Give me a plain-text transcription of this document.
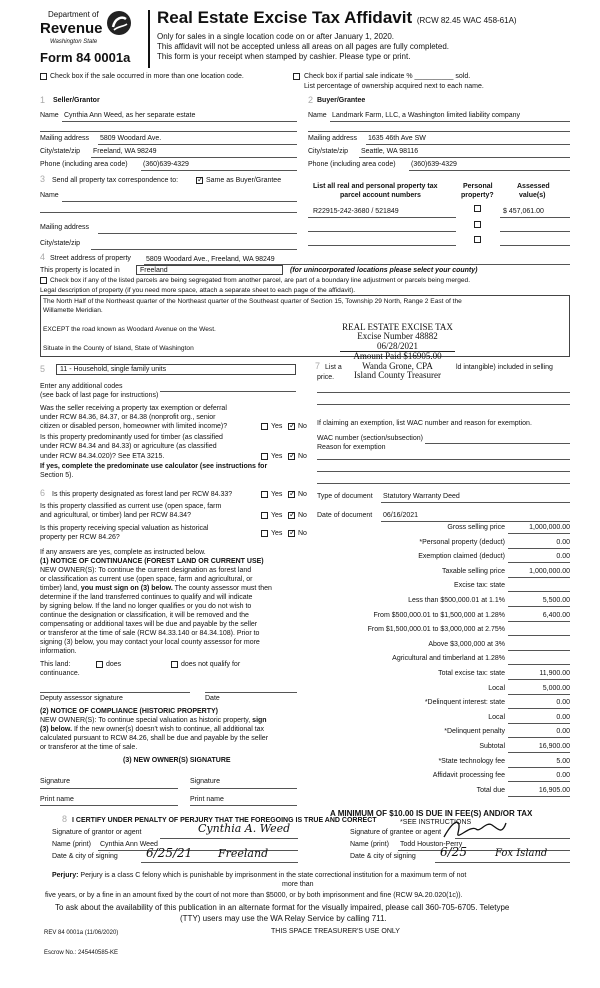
Department of
Revenue
Washington State
Form 84 0001a
Real Estate Excise Tax Affidavit (RCW 82.45 WAC 458-61A)
Only for sales in a single location code on or after January 1, 2020.
This affidavit will not be accepted unless all areas on all pages are fully completed.
This form is your receipt when stamped by cashier. Please type or print.
Check box if the sale occurred in more than one location code.	Check box if partial sale indicate % __________ sold.
List percentage of ownership acquired next to each name.
1 Seller/Grantor
Name Cynthia Ann Weed, as her separate estate
Mailing address 5809 Woodard Ave.
City/state/zip Freeland, WA 98249
Phone (including area code) (360)639-4329
2 Buyer/Grantee
Name Landmark Farm, LLC, a Washington limited liability company
Mailing address 1635 46th Ave SW
City/state/zip Seattle, WA 98116
Phone (including area code) (360)639-4329
3 Send all property tax correspondence to: ✓	Same as Buyer/Grantee
Name
Mailing address
City/state/zip
List all real and personal property tax
parcel account numbers
Personal
property?
Assessed
value(s)
R22915-242-3680 / 521849	$ 457,061.00
4 Street address of property 5809 Woodard Ave., Freeland, WA 98249
This property is located in	Freeland	(for unincorporated locations please select your county)
Check box if any of the listed parcels are being segregated from another parcel, are part of a boundary line adjustment or parcels being merged.
Legal description of property (if you need more space, attach a separate sheet to each page of the affidavit).
The North Half of the Northeast quarter of the Northeast quarter of the Southeast quarter of Section 15, Township 29 North, Range 2 East of the
Willamette Meridian.
EXCEPT the road known as Woodard Avenue on the West.
Situate in the County of Island, State of Washington
REAL ESTATE EXCISE TAX
Excise Number 48882
06/28/2021
Amount Paid $16905.00
Wanda Grone, CPA
Island County Treasurer
5 11 - Household, single family units
Enter any additional codes
(see back of last page for instructions)
Was the seller receiving a property tax exemption or deferral
under RCW 84.36, 84.37, or 84.38 (nonprofit org., senior
citizen or disabled person, homeowner with limited income)?	Yes ✓ No
Is this property predominantly used for timber (as classified
under RCW 84.34 and 84.33) or agriculture (as classified
under RCW 84.34.020)? See ETA 3215.	Yes ✓ No
If yes, complete the predominate use calculator (see instructions for
Section 5).
7 List a	ld intangible) included in selling
price.
If claiming an exemption, list WAC number and reason for exemption.
WAC number (section/subsection)
Reason for exemption
6 Is this property designated as forest land per RCW 84.33?	Yes ✓ No
Is this property classified as current use (open space, farm
and agricultural, or timber) land per RCW 84.34?	Yes ✓ No
Is this property receiving special valuation as historical
property per RCW 84.26?
Yes ✓ No
If any answers are yes, complete as instructed below.
(1) NOTICE OF CONTINUANCE (FOREST LAND OR CURRENT USE)
NEW OWNER(S): To continue the current designation as forest land
or classification as current use (open space, farm and agricultural, or
timber) land, you must sign on (3) below. The county assessor must then
determine if the land transferred continues to qualify and will indicate
by signing below. If the land no longer qualifies or you do not wish to
continue the designation or classification, it will be removed and the
compensating or additional taxes will be due and payable by the seller
or transferor at the time of sale (RCW 84.33.140 or 84.34.108). Prior to
signing (3) below, you may contact your local county assessor for more
information.
This land:	does	does not qualify for
continuance.
Deputy assessor signature	Date
(2) NOTICE OF COMPLIANCE (HISTORIC PROPERTY)
NEW OWNER(S): To continue special valuation as historic property, sign
(3) below. If the new owner(s) doesn't wish to continue, all additional tax
calculated pursuant to RCW 84.26, shall be due and payable by the seller
or transferor at the time of sale.
(3) NEW OWNER(S) SIGNATURE
Signature	Signature
Print name	Print name
Type of document Statutory Warranty Deed
Date of document 06/16/2021
Gross selling price	1,000,000.00
*Personal property (deduct)	0.00
Exemption claimed (deduct)	0.00
Taxable selling price	1,000,000.00
Excise tax: state
Less than $500,000.01 at 1.1%	5,500.00
From $500,000.01 to $1,500,000 at 1.28%	6,400.00
From $1,500,000.01 to $3,000,000 at 2.75%
Above $3,000,000 at 3%
Agricultural and timberland at 1.28%
Total excise tax: state	11,900.00
Local	5,000.00
*Delinquent interest: state	0.00
Local	0.00
*Delinquent penalty	0.00
Subtotal	16,900.00
*State technology fee	5.00
Affidavit processing fee	0.00
Total due	16,905.00
A MINIMUM OF $10.00 IS DUE IN FEE(S) AND/OR TAX
*SEE INSTRUCTIONS
8 I CERTIFY UNDER PENALTY OF PERJURY THAT THE FOREGOING IS TRUE AND CORRECT
Signature of grantor or agent	Cynthia A. Weed
Name (print) Cynthia Ann Weed
Date & city of signing 6/25/21 Freeland
Signature of grantee or agent
Name (print) Todd Houston-Perry
Date & city of signing 6/25	Fox Island
Perjury: Perjury is a class C felony which is punishable by imprisonment in the state correctional institution for a maximum term of not
more than
five years, or by a fine in an amount fixed by the court of not more than $5000, or by both imprisonment and fine (RCW 9A.20.020(1c)).
To ask about the availability of this publication in an alternate format for the visually impaired, please call 360-705-6705. Teletype
(TTY) users may use the WA Relay Service by calling 711.
REV 84 0001a (11/06/2020)	THIS SPACE TREASURER'S USE ONLY
Escrow No.: 245440585-KE
